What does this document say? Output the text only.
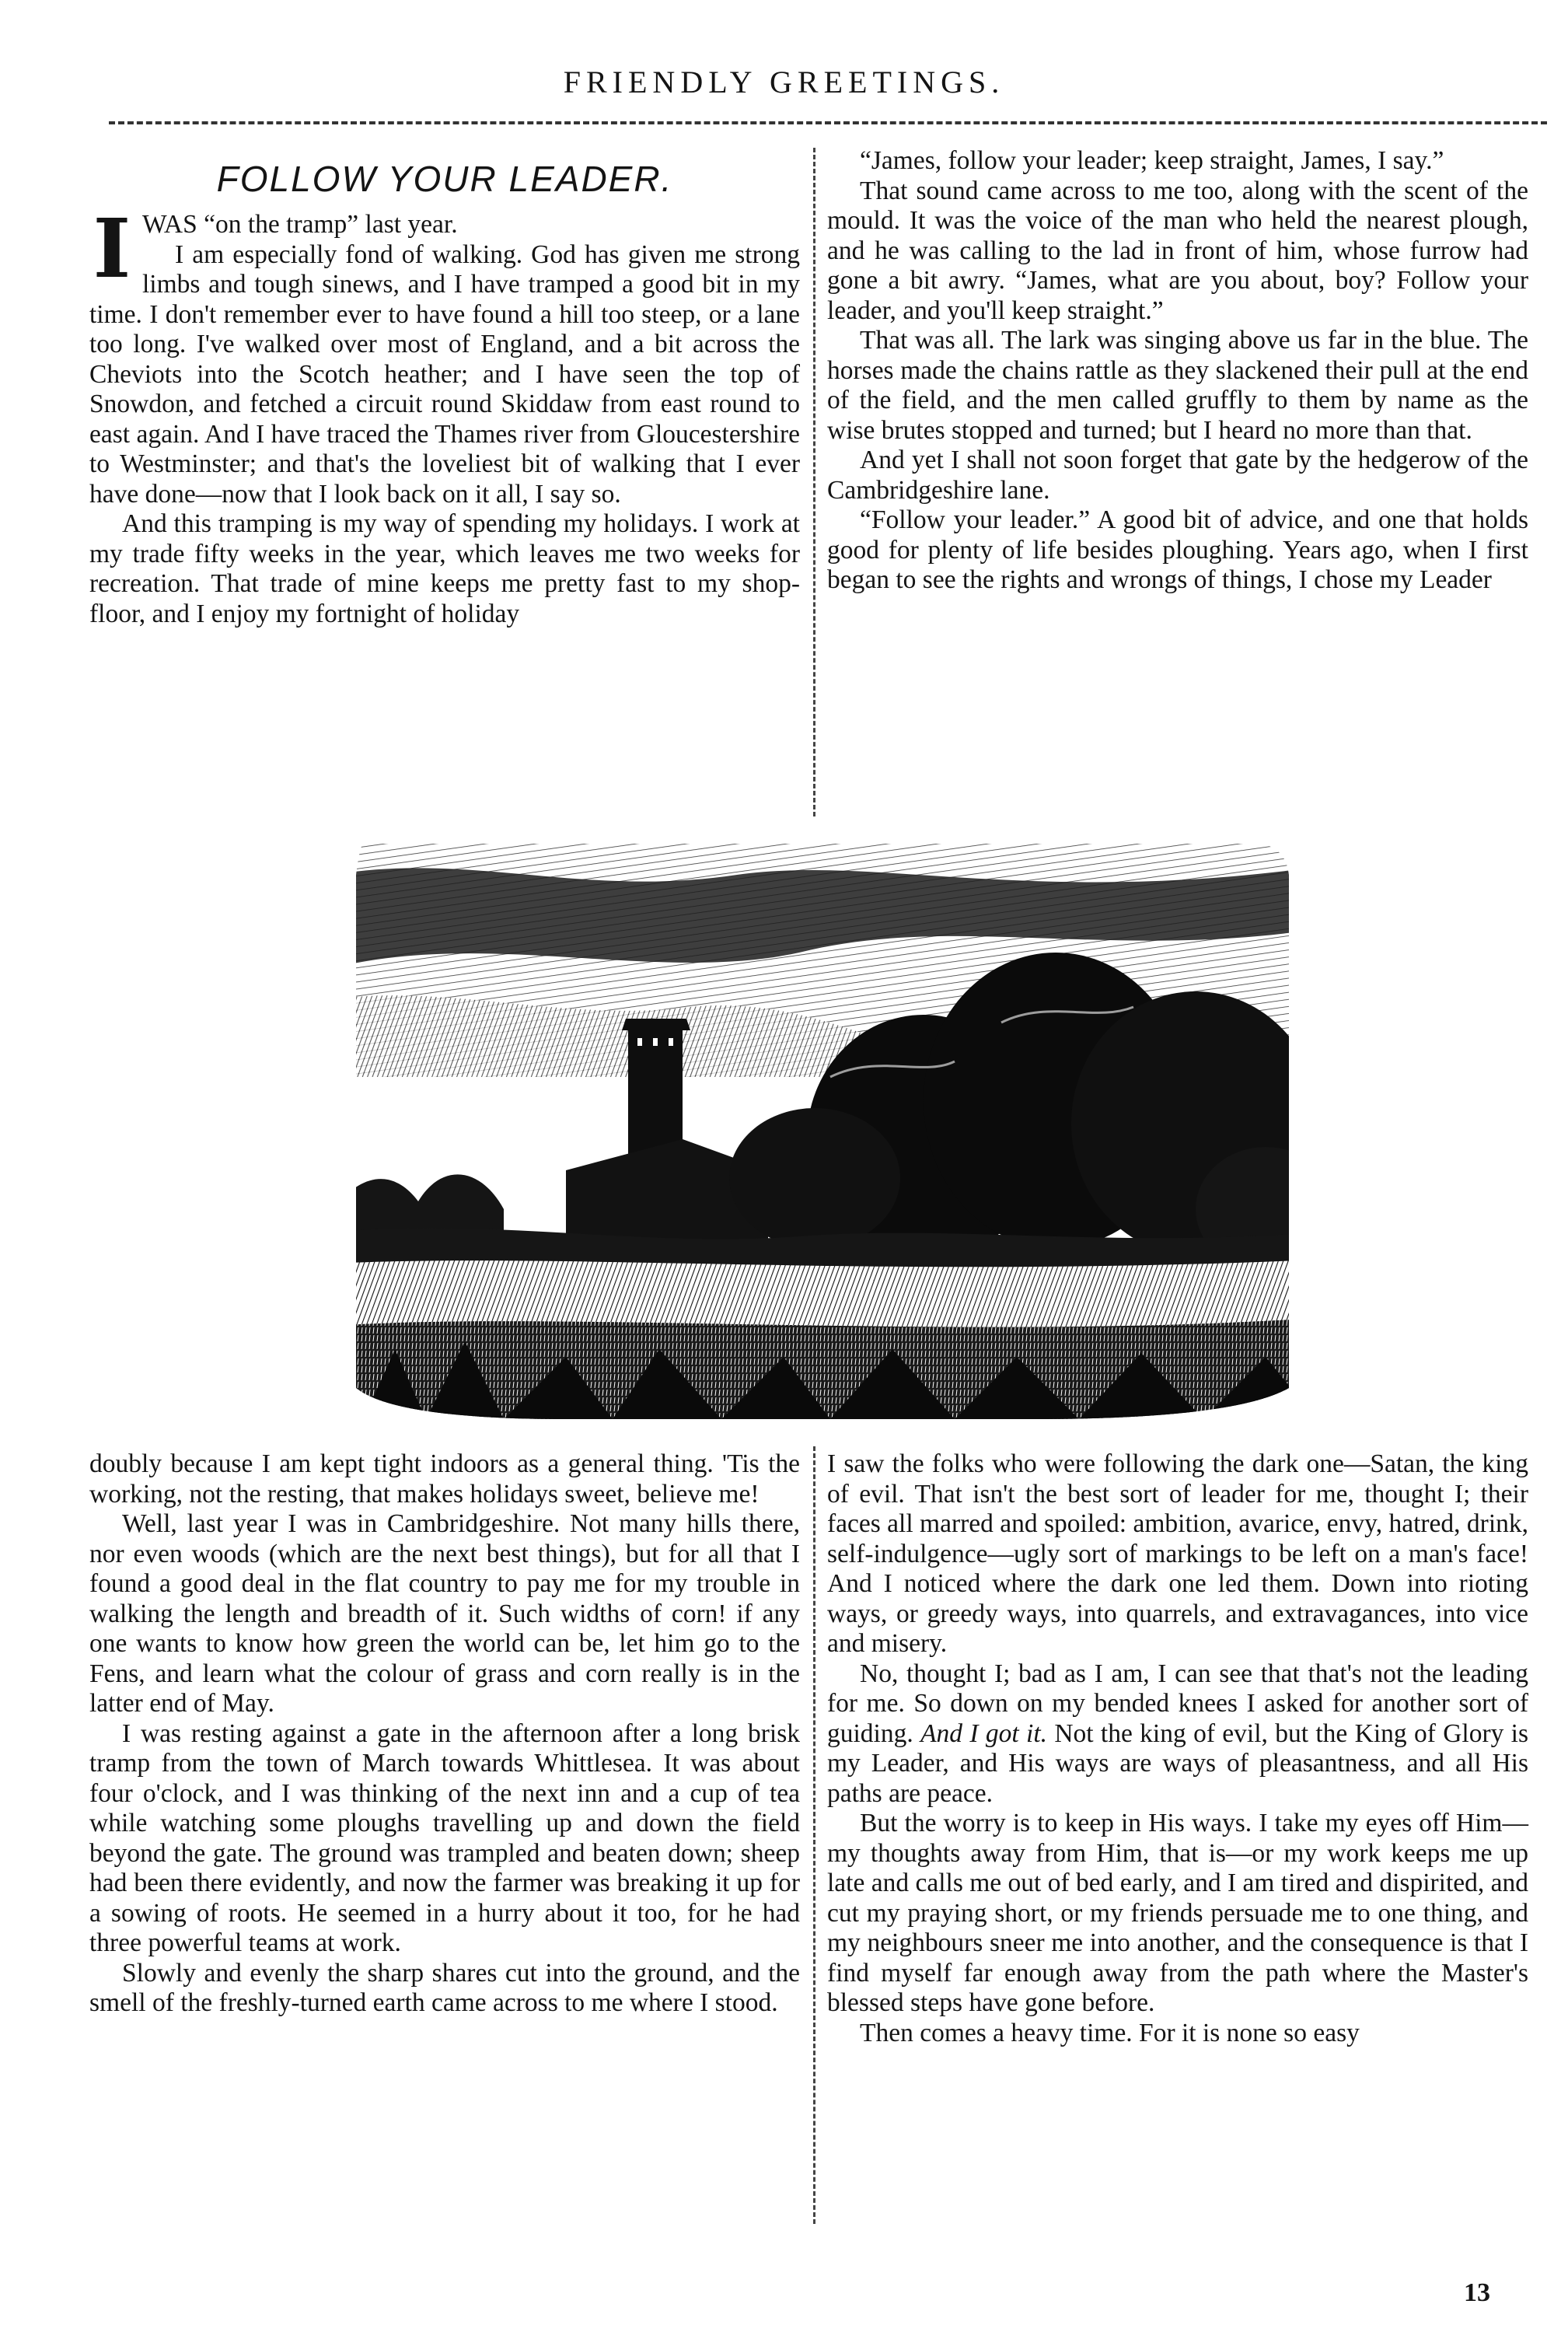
FRIENDLY GREETINGS.
FOLLOW YOUR LEADER.

IWAS “on the tramp” last year.
I am especially fond of walking. God has given me strong limbs and tough sinews, and I have tramped a good bit in my time. I don't remember ever to have found a hill too steep, or a lane too long. I've walked over most of England, and a bit across the Cheviots into the Scotch heather; and I have seen the top of Snowdon, and fetched a circuit round Skiddaw from east round to east again. And I have traced the Thames river from Gloucestershire to Westminster; and that's the loveliest bit of walking that I ever have done—now that I look back on it all, I say so.

And this tramping is my way of spending my holidays. I work at my trade fifty weeks in the year, which leaves me two weeks for recreation. That trade of mine keeps me pretty fast to my shop-floor, and I enjoy my fortnight of holiday

“James, follow your leader; keep straight, James, I say.”

That sound came across to me too, along with the scent of the mould. It was the voice of the man who held the nearest plough, and he was calling to the lad in front of him, whose furrow had gone a bit awry. “James, what are you about, boy? Follow your leader, and you'll keep straight.”

That was all. The lark was singing above us far in the blue. The horses made the chains rattle as they slackened their pull at the end of the field, and the men called gruffly to them by name as the wise brutes stopped and turned; but I heard no more than that.

And yet I shall not soon forget that gate by the hedgerow of the Cambridgeshire lane.

“Follow your leader.” A good bit of advice, and one that holds good for plenty of life besides ploughing. Years ago, when I first began to see the rights and wrongs of things, I chose my Leader

doubly because I am kept tight indoors as a general thing. 'Tis the working, not the resting, that makes holidays sweet, believe me!

Well, last year I was in Cambridgeshire. Not many hills there, nor even woods (which are the next best things), but for all that I found a good deal in the flat country to pay me for my trouble in walking the length and breadth of it. Such widths of corn! if any one wants to know how green the world can be, let him go to the Fens, and learn what the colour of grass and corn really is in the latter end of May.

I was resting against a gate in the afternoon after a long brisk tramp from the town of March towards Whittlesea. It was about four o'clock, and I was thinking of the next inn and a cup of tea while watching some ploughs travelling up and down the field beyond the gate. The ground was trampled and beaten down; sheep had been there evidently, and now the farmer was breaking it up for a sowing of roots. He seemed in a hurry about it too, for he had three powerful teams at work.

Slowly and evenly the sharp shares cut into the ground, and the smell of the freshly-turned earth came across to me where I stood.

I saw the folks who were following the dark one—Satan, the king of evil. That isn't the best sort of leader for me, thought I; their faces all marred and spoiled: ambition, avarice, envy, hatred, drink, self-indulgence—ugly sort of markings to be left on a man's face! And I noticed where the dark one led them. Down into rioting ways, or greedy ways, into quarrels, and extravagances, into vice and misery.

No, thought I; bad as I am, I can see that that's not the leading for me. So down on my bended knees I asked for another sort of guiding. And I got it. Not the king of evil, but the King of Glory is my Leader, and His ways are ways of pleasantness, and all His paths are peace.

But the worry is to keep in His ways. I take my eyes off Him—my thoughts away from Him, that is—or my work keeps me up late and calls me out of bed early, and I am tired and dispirited, and cut my praying short, or my friends persuade me to one thing, and my neighbours sneer me into another, and the consequence is that I find myself far enough away from the path where the Master's blessed steps have gone before.

Then comes a heavy time. For it is none so easy

13
